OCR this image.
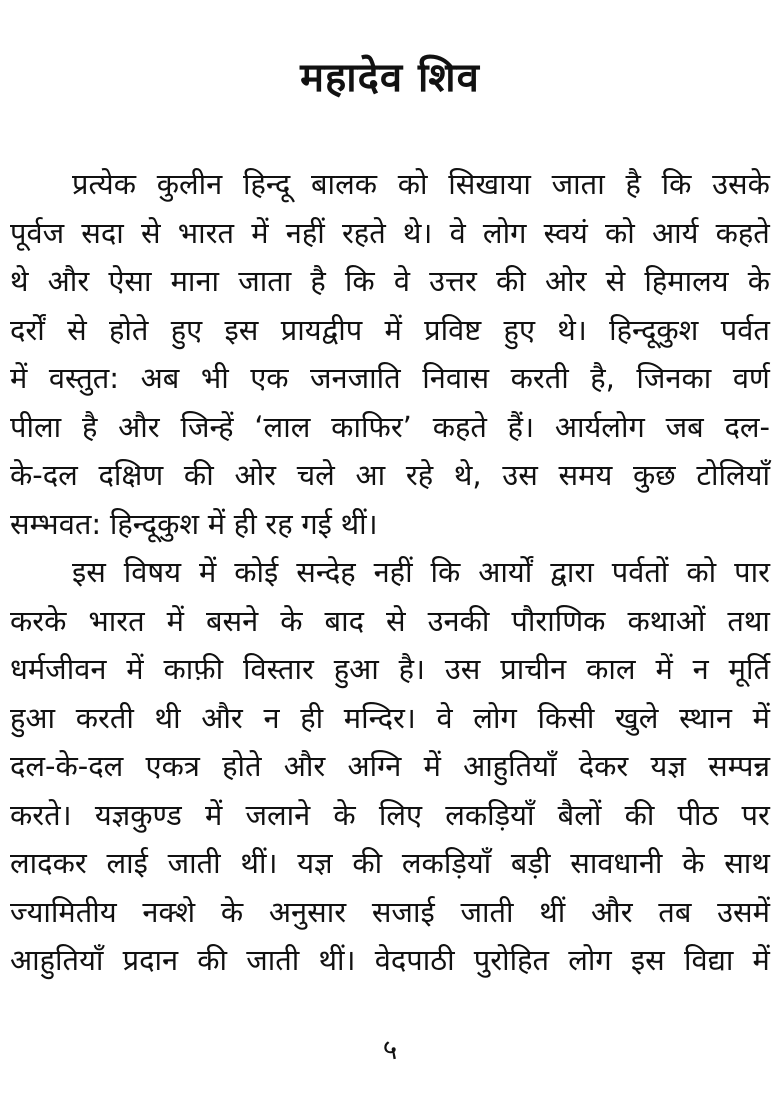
महादेव शिव
प्रत्येक कुलीन हिन्दू बालक को सिखाया जाता है कि उसके
पूर्वज सदा से भारत में नहीं रहते थे। वे लोग स्वयं को आर्य कहते
थे और ऐसा माना जाता है कि वे उत्तर की ओर से हिमालय के
दर्रों से होते हुए इस प्रायद्वीप में प्रविष्ट हुए थे। हिन्दूकुश पर्वत
में वस्तुत: अब भी एक जनजाति निवास करती है, जिनका वर्ण
पीला है और जिन्हें ‘लाल काफिर’ कहते हैं। आर्यलोग जब दल-
के-दल दक्षिण की ओर चले आ रहे थे, उस समय कुछ टोलियाँ
सम्भवत: हिन्दूकुश में ही रह गई थीं।
इस विषय में कोई सन्देह नहीं कि आर्यों द्वारा पर्वतों को पार
करके भारत में बसने के बाद से उनकी पौराणिक कथाओं तथा
धर्मजीवन में काफ़ी विस्तार हुआ है। उस प्राचीन काल में न मूर्ति
हुआ करती थी और न ही मन्दिर। वे लोग किसी खुले स्थान में
दल-के-दल एकत्र होते और अग्नि में आहुतियाँ देकर यज्ञ सम्पन्न
करते। यज्ञकुण्ड में जलाने के लिए लकड़ियाँ बैलों की पीठ पर
लादकर लाई जाती थीं। यज्ञ की लकड़ियाँ बड़ी सावधानी के साथ
ज्यामितीय नक्शे के अनुसार सजाई जाती थीं और तब उसमें
आहुतियाँ प्रदान की जाती थीं। वेदपाठी पुरोहित लोग इस विद्या में
५
